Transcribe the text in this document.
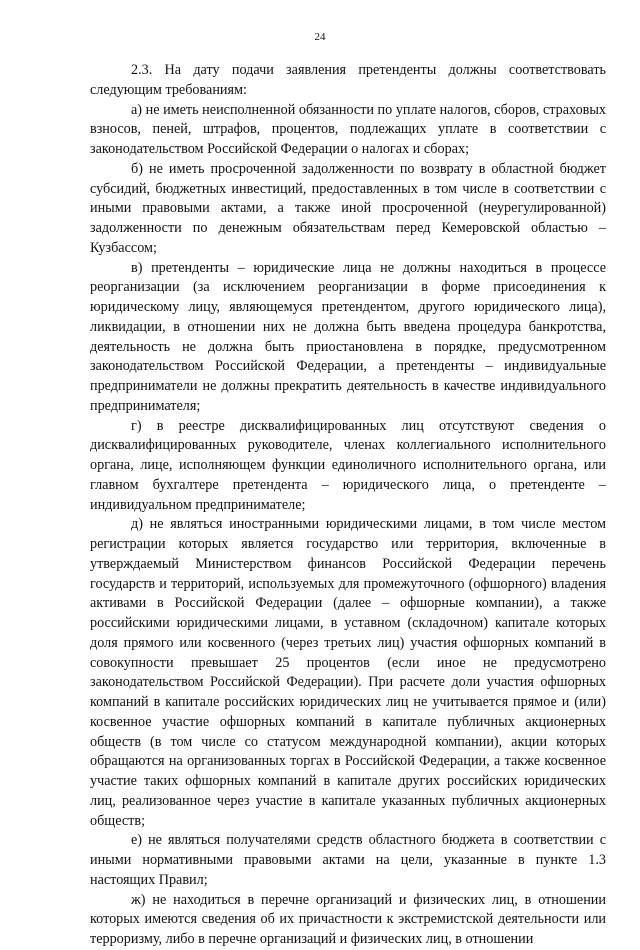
24

2.3. На дату подачи заявления претенденты должны соответствовать следующим требованиям:

а) не иметь неисполненной обязанности по уплате налогов, сборов, страховых взносов, пеней, штрафов, процентов, подлежащих уплате в соответствии с законодательством Российской Федерации о налогах и сборах;

б) не иметь просроченной задолженности по возврату в областной бюджет субсидий, бюджетных инвестиций, предоставленных в том числе в соответствии с иными правовыми актами, а также иной просроченной (неурегулированной) задолженности по денежным обязательствам перед Кемеровской областью – Кузбассом;

в) претенденты – юридические лица не должны находиться в процессе реорганизации (за исключением реорганизации в форме присоединения к юридическому лицу, являющемуся претендентом, другого юридического лица), ликвидации, в отношении них не должна быть введена процедура банкротства, деятельность не должна быть приостановлена в порядке, предусмотренном законодательством Российской Федерации, а претенденты – индивидуальные предприниматели не должны прекратить деятельность в качестве индивидуального предпринимателя;

г) в реестре дисквалифицированных лиц отсутствуют сведения о дисквалифицированных руководителе, членах коллегиального исполнительного органа, лице, исполняющем функции единоличного исполнительного органа, или главном бухгалтере претендента – юридического лица, о претенденте – индивидуальном предпринимателе;

д) не являться иностранными юридическими лицами, в том числе местом регистрации которых является государство или территория, включенные в утверждаемый Министерством финансов Российской Федерации перечень государств и территорий, используемых для промежуточного (офшорного) владения активами в Российской Федерации (далее – офшорные компании), а также российскими юридическими лицами, в уставном (складочном) капитале которых доля прямого или косвенного (через третьих лиц) участия офшорных компаний в совокупности превышает 25 процентов (если иное не предусмотрено законодательством Российской Федерации). При расчете доли участия офшорных компаний в капитале российских юридических лиц не учитывается прямое и (или) косвенное участие офшорных компаний в капитале публичных акционерных обществ (в том числе со статусом международной компании), акции которых обращаются на организованных торгах в Российской Федерации, а также косвенное участие таких офшорных компаний в капитале других российских юридических лиц, реализованное через участие в капитале указанных публичных акционерных обществ;

е) не являться получателями средств областного бюджета в соответствии с иными нормативными правовыми актами на цели, указанные в пункте 1.3 настоящих Правил;

ж) не находиться в перечне организаций и физических лиц, в отношении которых имеются сведения об их причастности к экстремистской деятельности или терроризму, либо в перечне организаций и физических лиц, в отношении
